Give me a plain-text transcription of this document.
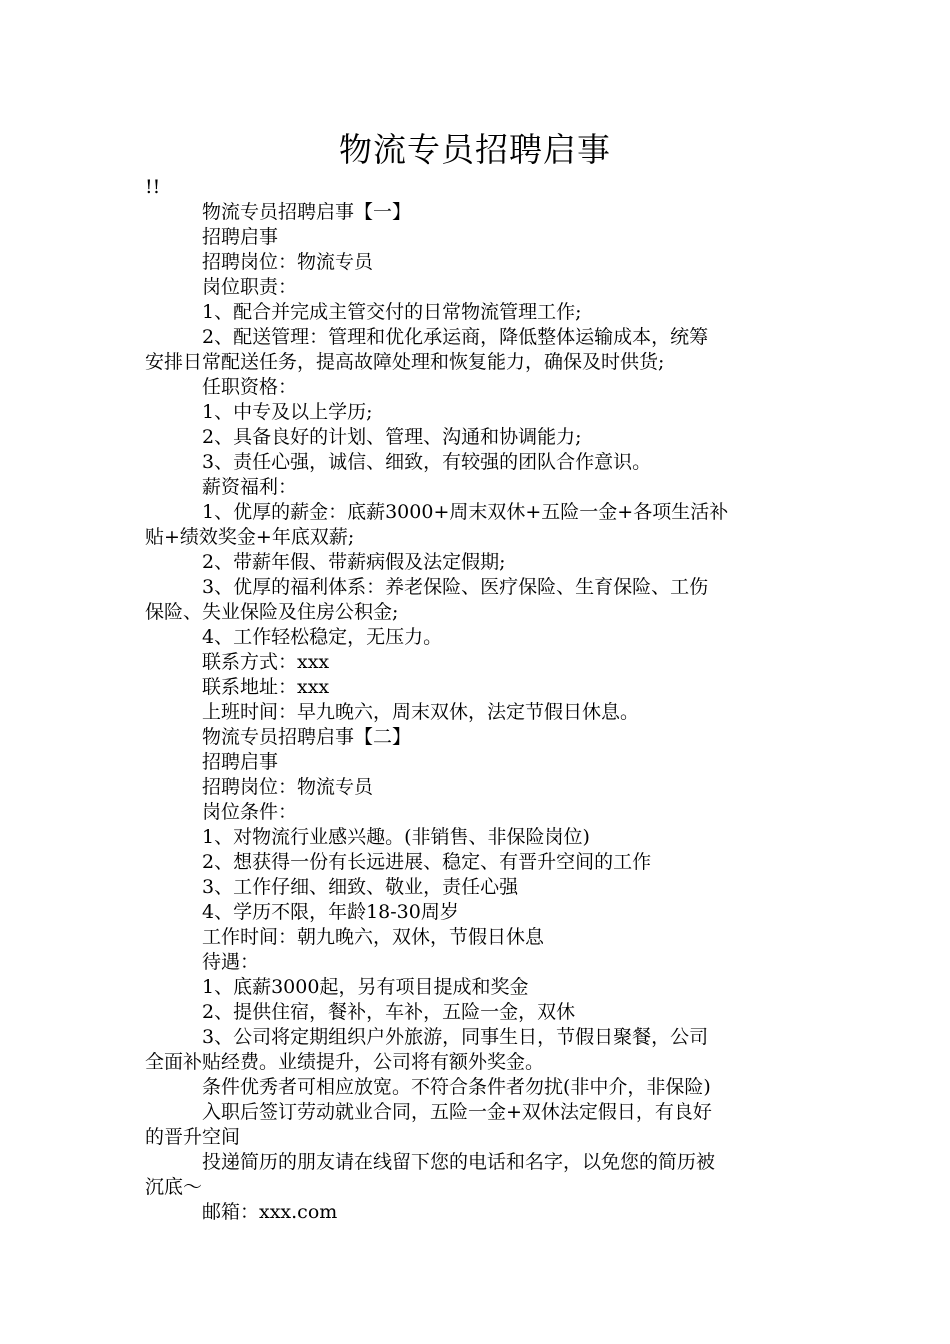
物流专员招聘启事
!!
物流专员招聘启事【一】
招聘启事
招聘岗位：物流专员
岗位职责：
1、配合并完成主管交付的日常物流管理工作;
2、配送管理：管理和优化承运商，降低整体运输成本，统筹
安排日常配送任务，提高故障处理和恢复能力，确保及时供货;
任职资格：
1、中专及以上学历;
2、具备良好的计划、管理、沟通和协调能力;
3、责任心强，诚信、细致，有较强的团队合作意识。
薪资福利：
1、优厚的薪金：底薪3000+周末双休+五险一金+各项生活补
贴+绩效奖金+年底双薪;
2、带薪年假、带薪病假及法定假期;
3、优厚的福利体系：养老保险、医疗保险、生育保险、工伤
保险、失业保险及住房公积金;
4、工作轻松稳定，无压力。
联系方式：xxx
联系地址：xxx
上班时间：早九晚六，周末双休，法定节假日休息。
物流专员招聘启事【二】
招聘启事
招聘岗位：物流专员
岗位条件：
1、对物流行业感兴趣。(非销售、非保险岗位)
2、想获得一份有长远进展、稳定、有晋升空间的工作
3、工作仔细、细致、敬业，责任心强
4、学历不限，年龄18-30周岁
工作时间：朝九晚六，双休，节假日休息
待遇：
1、底薪3000起，另有项目提成和奖金
2、提供住宿，餐补，车补，五险一金，双休
3、公司将定期组织户外旅游，同事生日，节假日聚餐，公司
全面补贴经费。业绩提升，公司将有额外奖金。
条件优秀者可相应放宽。不符合条件者勿扰(非中介，非保险)
入职后签订劳动就业合同，五险一金+双休法定假日，有良好
的晋升空间
投递简历的朋友请在线留下您的电话和名字，以免您的简历被
沉底～
邮箱：xxx.com
